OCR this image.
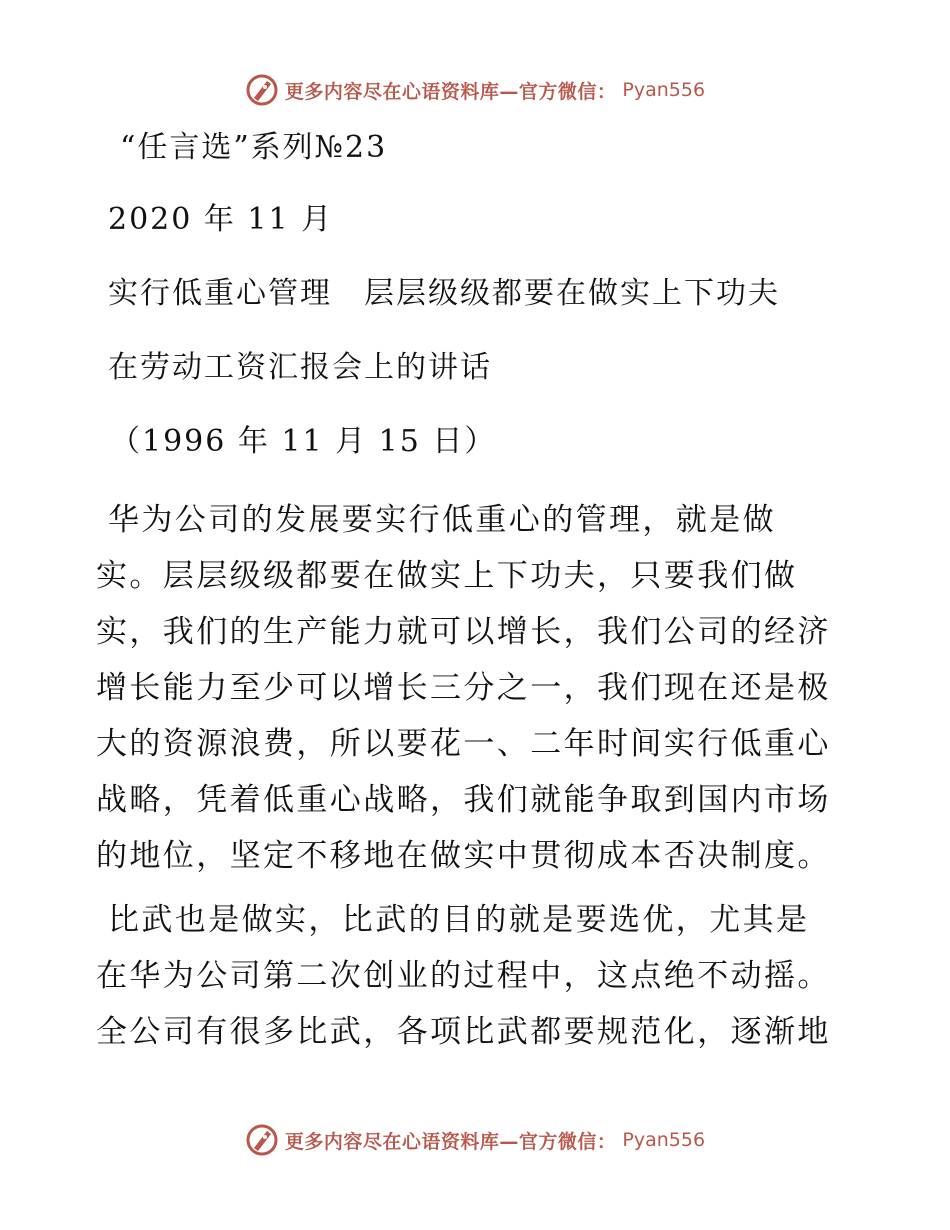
更多内容尽在心语资料库—官方微信： Pyan556
“任言选”系列№23
2020 年 11 月
实行低重心管理　层层级级都要在做实上下功夫
在劳动工资汇报会上的讲话
（1996 年 11 月 15 日）
华为公司的发展要实行低重心的管理，就是做
实。层层级级都要在做实上下功夫，只要我们做
实，我们的生产能力就可以增长，我们公司的经济
增长能力至少可以增长三分之一，我们现在还是极
大的资源浪费，所以要花一、二年时间实行低重心
战略，凭着低重心战略，我们就能争取到国内市场
的地位，坚定不移地在做实中贯彻成本否决制度。
比武也是做实，比武的目的就是要选优，尤其是
在华为公司第二次创业的过程中，这点绝不动摇。
全公司有很多比武，各项比武都要规范化，逐渐地
更多内容尽在心语资料库—官方微信： Pyan556
